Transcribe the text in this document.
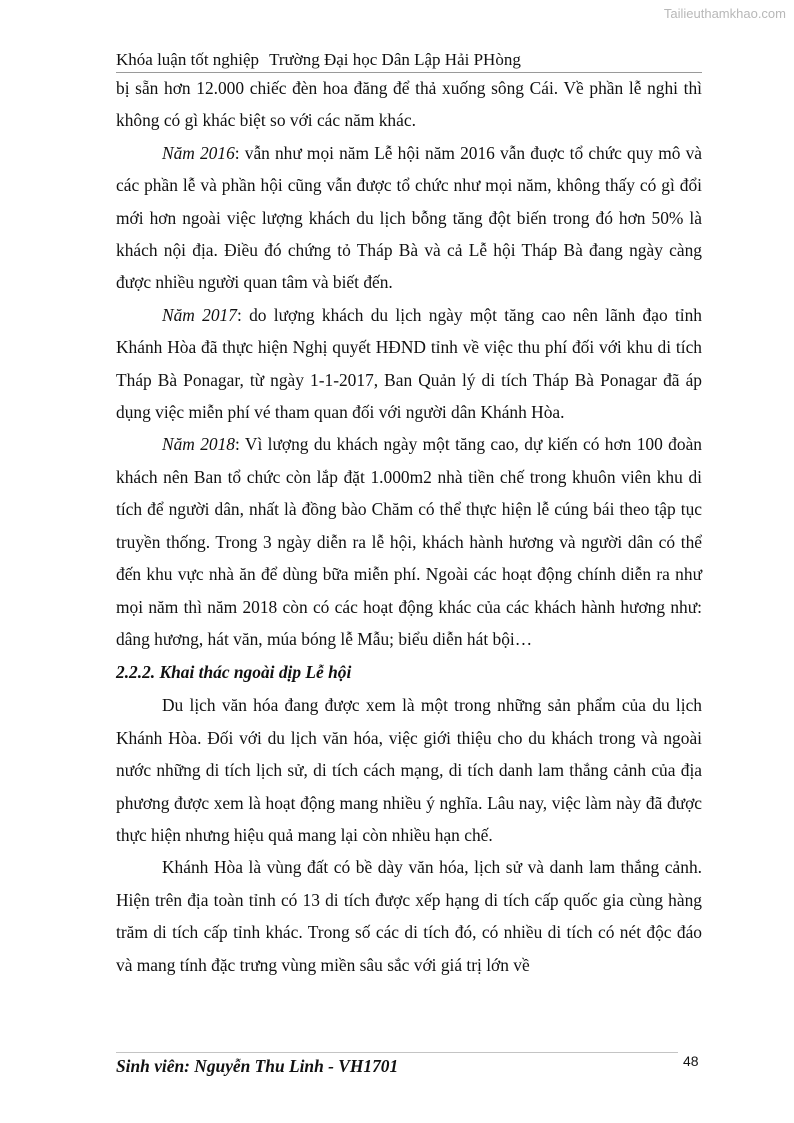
Tailieuthamkhao.com
Khóa luận tốt nghiệp Trường Đại học Dân Lập Hải PHòng

bị sẵn hơn 12.000 chiếc đèn hoa đăng để thả xuống sông Cái. Về phần lễ nghi thì không có gì khác biệt so với các năm khác.

Năm 2016: vẫn như mọi năm Lễ hội năm 2016 vẫn đuợc tổ chức quy mô và các phần lễ và phần hội cũng vẫn được tổ chức như mọi năm, không thấy có gì đổi mới hơn ngoài việc lượng khách du lịch bỗng tăng đột biến trong đó hơn 50% là khách nội địa. Điều đó chứng tỏ Tháp Bà và cả Lễ hội Tháp Bà đang ngày càng được nhiều người quan tâm và biết đến.

Năm 2017: do lượng khách du lịch ngày một tăng cao nên lãnh đạo tỉnh Khánh Hòa đã thực hiện Nghị quyết HĐND tỉnh về việc thu phí đối với khu di tích Tháp Bà Ponagar, từ ngày 1-1-2017, Ban Quản lý di tích Tháp Bà Ponagar đã áp dụng việc miễn phí vé tham quan đối với người dân Khánh Hòa.

Năm 2018: Vì lượng du khách ngày một tăng cao, dự kiến có hơn 100 đoàn khách nên Ban tổ chức còn lắp đặt 1.000m2 nhà tiền chế trong khuôn viên khu di tích để người dân, nhất là đồng bào Chăm có thể thực hiện lễ cúng bái theo tập tục truyền thống. Trong 3 ngày diễn ra lễ hội, khách hành hương và người dân có thể đến khu vực nhà ăn để dùng bữa miễn phí. Ngoài các hoạt động chính diễn ra như mọi năm thì năm 2018 còn có các hoạt động khác của các khách hành hương như: dâng hương, hát văn, múa bóng lễ Mẫu; biểu diễn hát bội…

2.2.2. Khai thác ngoài dịp Lễ hội

Du lịch văn hóa đang được xem là một trong những sản phẩm của du lịch Khánh Hòa. Đối với du lịch văn hóa, việc giới thiệu cho du khách trong và ngoài nước những di tích lịch sử, di tích cách mạng, di tích danh lam thắng cảnh của địa phương được xem là hoạt động mang nhiều ý nghĩa. Lâu nay, việc làm này đã được thực hiện nhưng hiệu quả mang lại còn nhiều hạn chế.

Khánh Hòa là vùng đất có bề dày văn hóa, lịch sử và danh lam thắng cảnh. Hiện trên địa toàn tỉnh có 13 di tích được xếp hạng di tích cấp quốc gia cùng hàng trăm di tích cấp tỉnh khác. Trong số các di tích đó, có nhiều di tích có nét độc đáo và mang tính đặc trưng vùng miền sâu sắc với giá trị lớn về

Sinh viên: Nguyễn Thu Linh - VH1701	48
